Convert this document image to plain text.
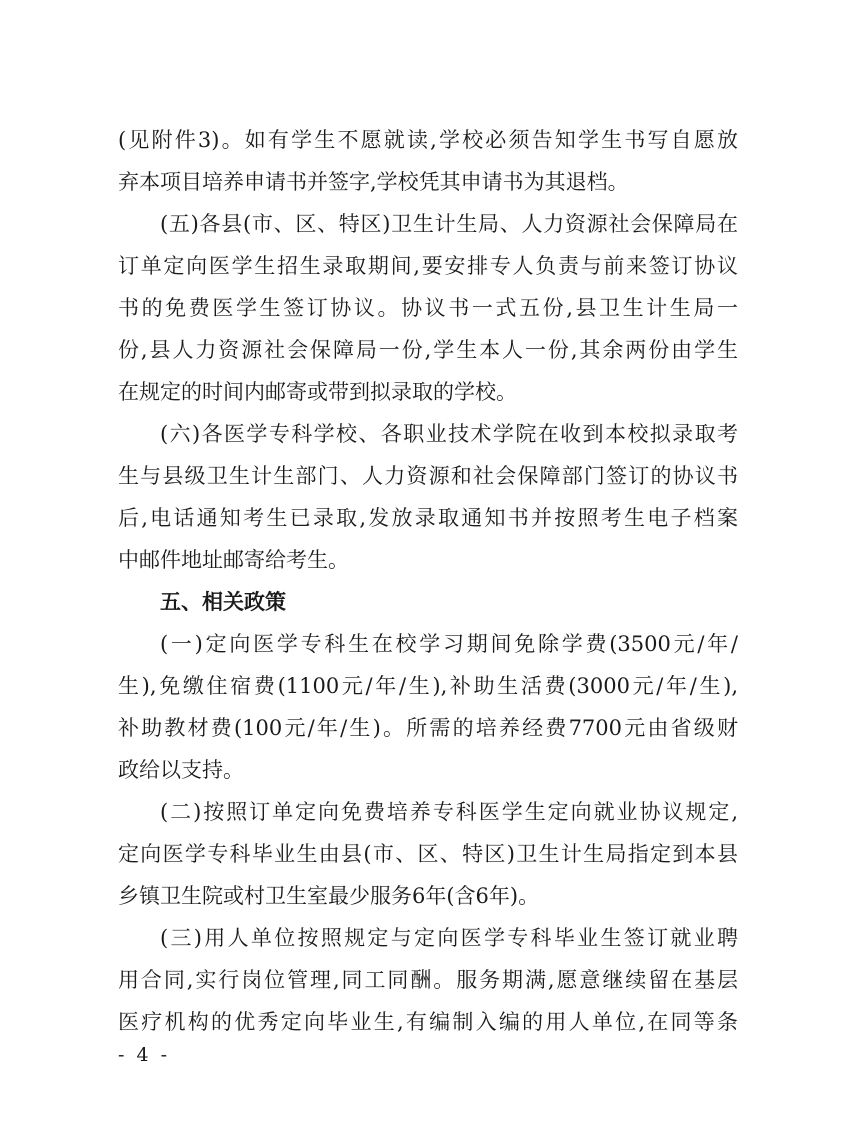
(见附件3)。如有学生不愿就读,学校必须告知学生书写自愿放
弃本项目培养申请书并签字,学校凭其申请书为其退档。
(五)各县(市、区、特区)卫生计生局、人力资源社会保障局在
订单定向医学生招生录取期间,要安排专人负责与前来签订协议
书的免费医学生签订协议。协议书一式五份,县卫生计生局一
份,县人力资源社会保障局一份,学生本人一份,其余两份由学生
在规定的时间内邮寄或带到拟录取的学校。
(六)各医学专科学校、各职业技术学院在收到本校拟录取考
生与县级卫生计生部门、人力资源和社会保障部门签订的协议书
后,电话通知考生已录取,发放录取通知书并按照考生电子档案
中邮件地址邮寄给考生。
五、相关政策
(一)定向医学专科生在校学习期间免除学费(3500元/年/
生),免缴住宿费(1100元/年/生),补助生活费(3000元/年/生),
补助教材费(100元/年/生)。所需的培养经费7700元由省级财
政给以支持。
(二)按照订单定向免费培养专科医学生定向就业协议规定,
定向医学专科毕业生由县(市、区、特区)卫生计生局指定到本县
乡镇卫生院或村卫生室最少服务6年(含6年)。
(三)用人单位按照规定与定向医学专科毕业生签订就业聘
用合同,实行岗位管理,同工同酬。服务期满,愿意继续留在基层
医疗机构的优秀定向毕业生,有编制入编的用人单位,在同等条
- 4 -
